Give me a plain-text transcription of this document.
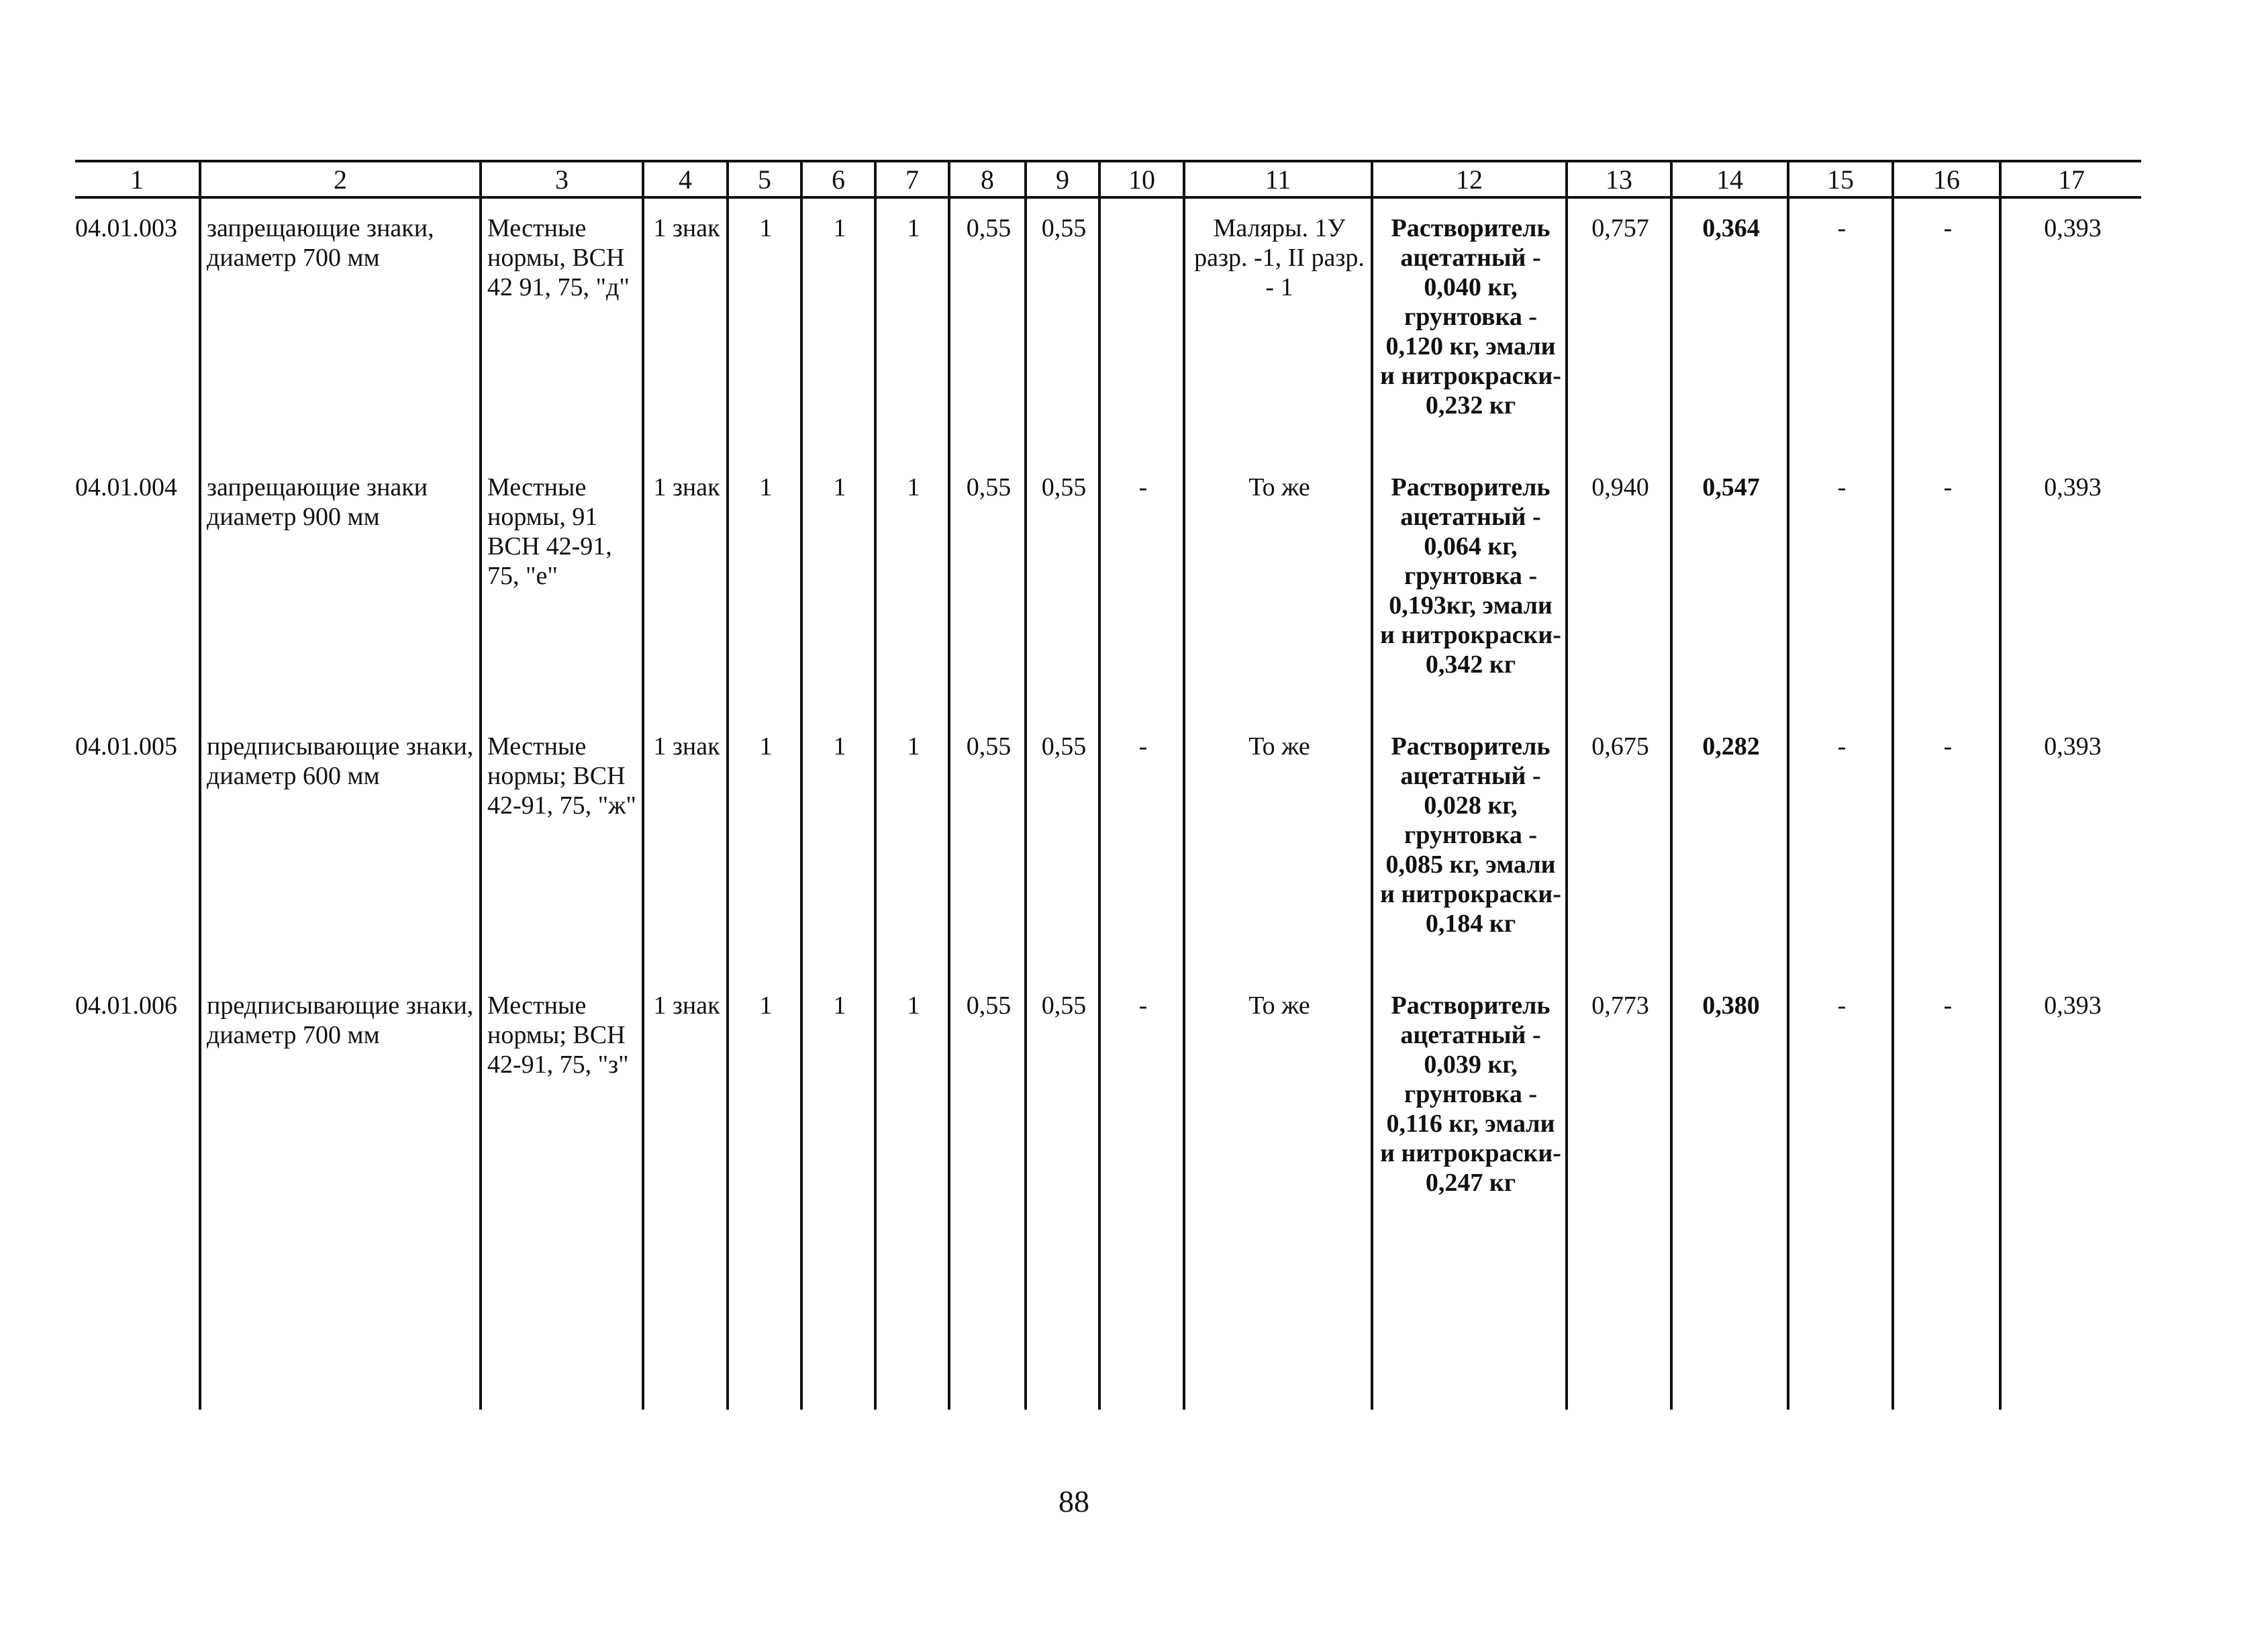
1	2	3	4	5	6	7	8	9	10	11	12	13	14	15	16	17
04.01.003	запрещающие знаки, диаметр 700 мм	Местные нормы, ВСН 42 91, 75, "д"	1 знак	1	1	1	0,55	0,55		Маляры. 1У разр. -1, II разр. - 1	Растворитель ацетатный - 0,040 кг, грунтовка - 0,120 кг, эмали и нитрокраски- 0,232 кг	0,757	0,364	-	-	0,393
04.01.004	запрещающие знаки диаметр 900 мм	Местные нормы, 91 ВСН 42-91, 75, "е"	1 знак	1	1	1	0,55	0,55	-	То же	Растворитель ацетатный - 0,064 кг, грунтовка - 0,193кг, эмали и нитрокраски- 0,342 кг	0,940	0,547	-	-	0,393
04.01.005	предписывающие знаки, диаметр 600 мм	Местные нормы; ВСН 42-91, 75, "ж"	1 знак	1	1	1	0,55	0,55	-	То же	Растворитель ацетатный - 0,028 кг, грунтовка - 0,085 кг, эмали и нитрокраски- 0,184 кг	0,675	0,282	-	-	0,393
04.01.006	предписывающие знаки, диаметр 700 мм	Местные нормы; ВСН 42-91, 75, "з"	1 знак	1	1	1	0,55	0,55	-	То же	Растворитель ацетатный - 0,039 кг, грунтовка - 0,116 кг, эмали и нитрокраски- 0,247 кг	0,773	0,380	-	-	0,393

88
